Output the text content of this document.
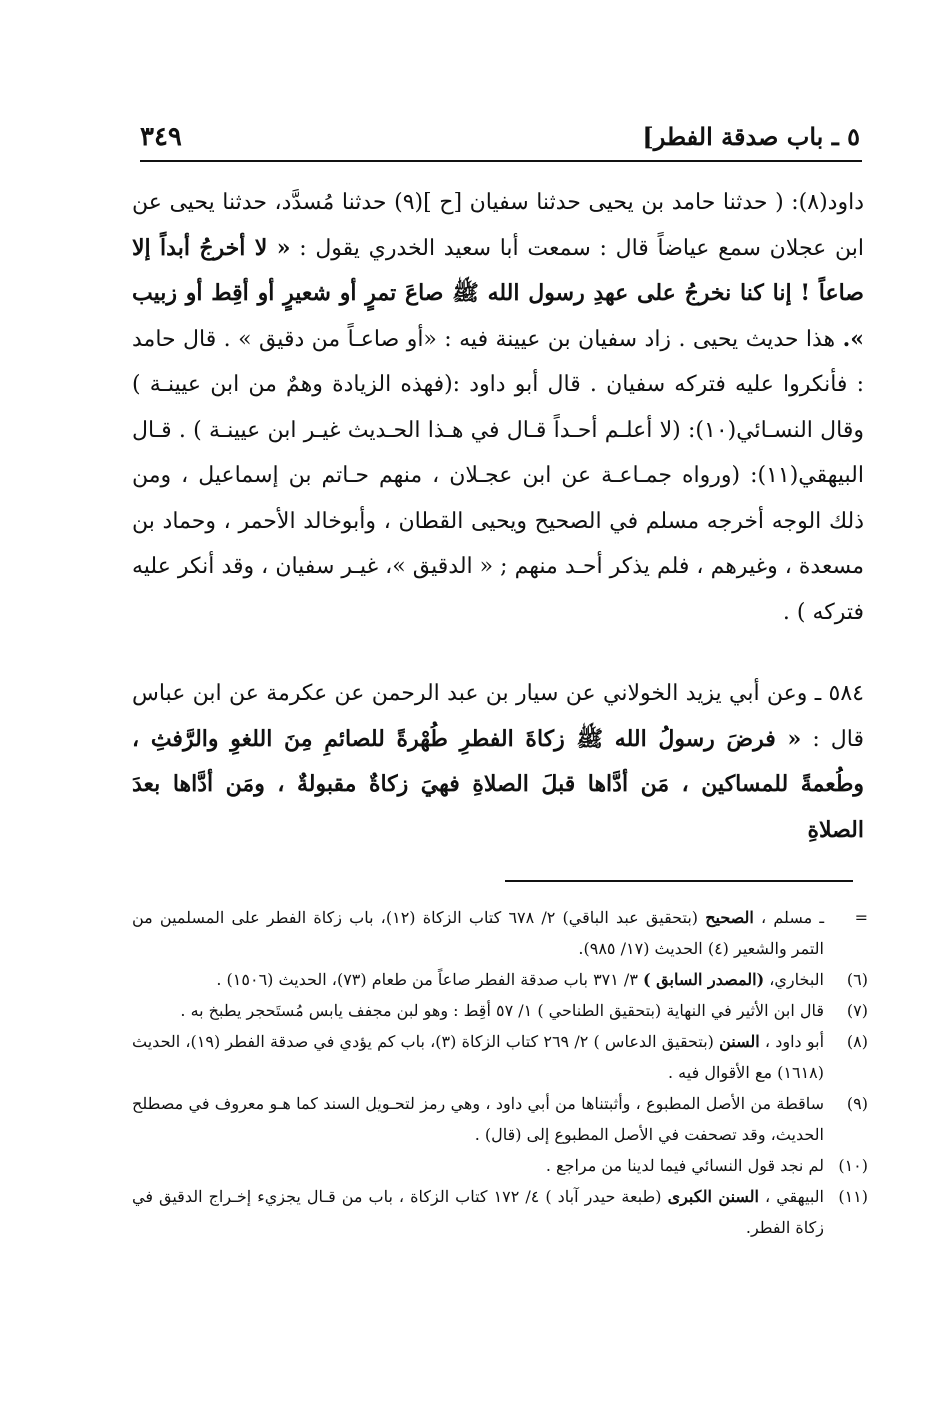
٥ ـ باب صدقة الفطر]
٣٤٩

داود(٨): ( حدثنا حامد بن يحيى حدثنا سفيان [ح ](٩) حدثنا مُسدَّد، حدثنا يحيى عن ابن عجلان سمع عياضاً قال : سمعت أبا سعيد الخدري يقول : « لا أخرجُ أبداً إلا صاعاً ! إنا كنا نخرجُ على عهدِ رسول الله ﷺ صاعَ تمرٍ أو شعيرٍ أو أقِط أو زبيب ». هذا حديث يحيى . زاد سفيان بن عيينة فيه : «أو صاعـاً من دقيق » . قال حامد : فأنكروا عليه فتركه سفيان . قال أبو داود :(فهذه الزيادة وهمٌ من ابن عيينـة ) وقال النسـائي(١٠): (لا أعلـم أحـداً قـال في هـذا الحـديث غيـر ابن عيينـة ) . قـال البيهقي(١١): (ورواه جمـاعـة عن ابن عجـلان ، منهم حـاتم بن إسماعيل ، ومن ذلك الوجه أخرجه مسلم في الصحيح ويحيى القطان ، وأبوخالد الأحمر ، وحماد بن مسعدة ، وغيرهم ، فلم يذكر أحـد منهم ; « الدقيق »، غيـر سفيان ، وقد أنكر عليه فتركه ) .

٥٨٤ ـ وعن أبي يزيد الخولاني عن سيار بن عبد الرحمن عن عكرمة عن ابن عباس قال : « فرضَ رسولُ الله ﷺ زكاةَ الفطرِ طُهْرةً للصائمِ مِنَ اللغوِ والرَّفثِ ، وطُعمةً للمساكين ، مَن أدَّاها قبلَ الصلاةِ فهيَ زكاةٌ مقبولةٌ ، ومَن أدَّاها بعدَ الصلاةِ

=
ـ مسلم ، الصحيح (بتحقيق عبد الباقي) ٢/ ٦٧٨ كتاب الزكاة (١٢)، باب زكاة الفطر على المسلمين من التمر والشعير (٤) الحديث (١٧/ ٩٨٥).
(٦)
البخاري، (المصدر السابق ) ٣/ ٣٧١ باب صدقة الفطر صاعاً من طعام (٧٣)، الحديث (١٥٠٦) .
(٧)
قال ابن الأثير في النهاية (بتحقيق الطناحي ) ١/ ٥٧ أقِط : وهو لبن مجفف يابس مُستَحجر يطبخ به .
(٨)
أبو داود ، السنن (بتحقيق الدعاس ) ٢/ ٢٦٩ كتاب الزكاة (٣)، باب كم يؤدي في صدقة الفطر (١٩)، الحديث (١٦١٨) مع الأقوال فيه .
(٩)
ساقطة من الأصل المطبوع ، وأثبتناها من أبي داود ، وهي رمز لتحـويل السند كما هـو معروف في مصطلح الحديث، وقد تصحفت في الأصل المطبوع إلى (قال) .
(١٠)
لم نجد قول النسائي فيما لدينا من مراجع .
(١١)
البيهقي ، السنن الكبرى (طبعة حيدر آباد ) ٤/ ١٧٢ كتاب الزكاة ، باب من قـال يجزيء إخـراج الدقيق في زكاة الفطر.
